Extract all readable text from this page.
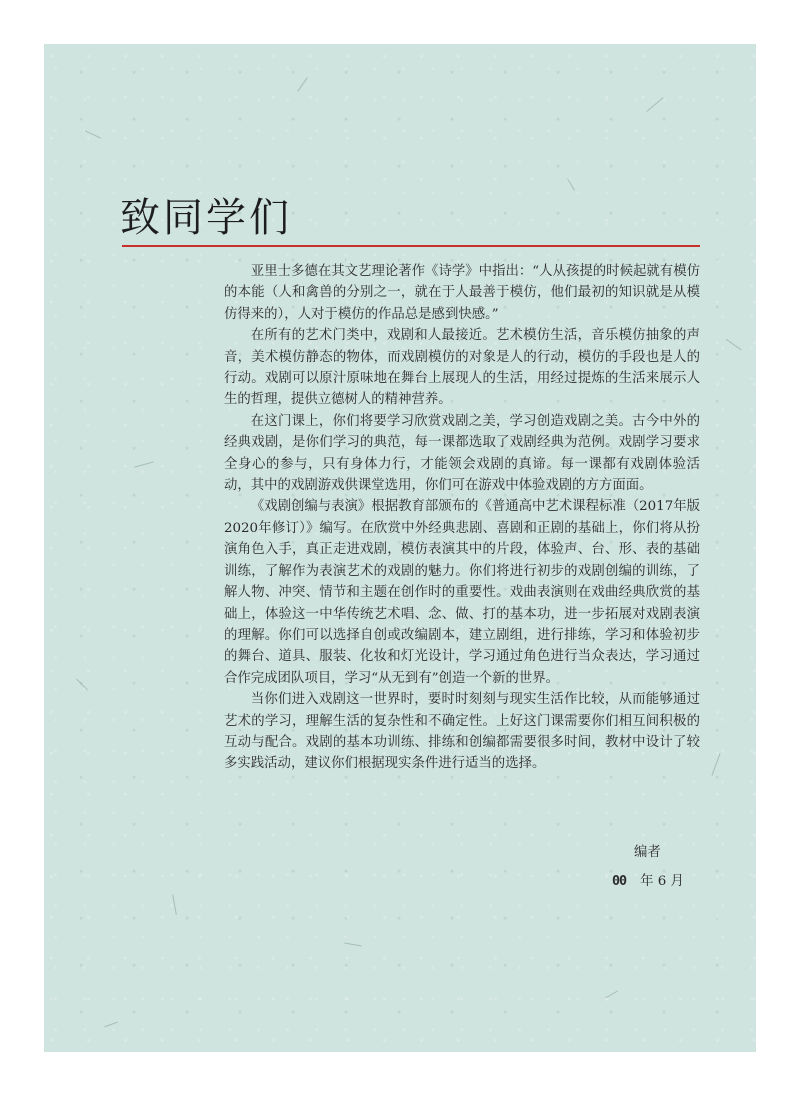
致同学们

亚里士多德在其文艺理论著作《诗学》中指出：“人从孩提的时候起就有模仿的本能（人和禽兽的分别之一，就在于人最善于模仿，他们最初的知识就是从模仿得来的），人对于模仿的作品总是感到快感。”

在所有的艺术门类中，戏剧和人最接近。艺术模仿生活，音乐模仿抽象的声音，美术模仿静态的物体，而戏剧模仿的对象是人的行动，模仿的手段也是人的行动。戏剧可以原汁原味地在舞台上展现人的生活，用经过提炼的生活来展示人生的哲理，提供立德树人的精神营养。

在这门课上，你们将要学习欣赏戏剧之美，学习创造戏剧之美。古今中外的经典戏剧，是你们学习的典范，每一课都选取了戏剧经典为范例。戏剧学习要求全身心的参与，只有身体力行，才能领会戏剧的真谛。每一课都有戏剧体验活动，其中的戏剧游戏供课堂选用，你们可在游戏中体验戏剧的方方面面。

《戏剧创编与表演》根据教育部颁布的《普通高中艺术课程标准（2017年版2020年修订）》编写。在欣赏中外经典悲剧、喜剧和正剧的基础上，你们将从扮演角色入手，真正走进戏剧，模仿表演其中的片段，体验声、台、形、表的基础训练，了解作为表演艺术的戏剧的魅力。你们将进行初步的戏剧创编的训练，了解人物、冲突、情节和主题在创作时的重要性。戏曲表演则在戏曲经典欣赏的基础上，体验这一中华传统艺术唱、念、做、打的基本功，进一步拓展对戏剧表演的理解。你们可以选择自创或改编剧本，建立剧组，进行排练，学习和体验初步的舞台、道具、服装、化妆和灯光设计，学习通过角色进行当众表达，学习通过合作完成团队项目，学习“从无到有”创造一个新的世界。

当你们进入戏剧这一世界时，要时时刻刻与现实生活作比较，从而能够通过艺术的学习，理解生活的复杂性和不确定性。上好这门课需要你们相互间积极的互动与配合。戏剧的基本功训练、排练和创编都需要很多时间，教材中设计了较多实践活动，建议你们根据现实条件进行适当的选择。

编者
00 年 6 月
